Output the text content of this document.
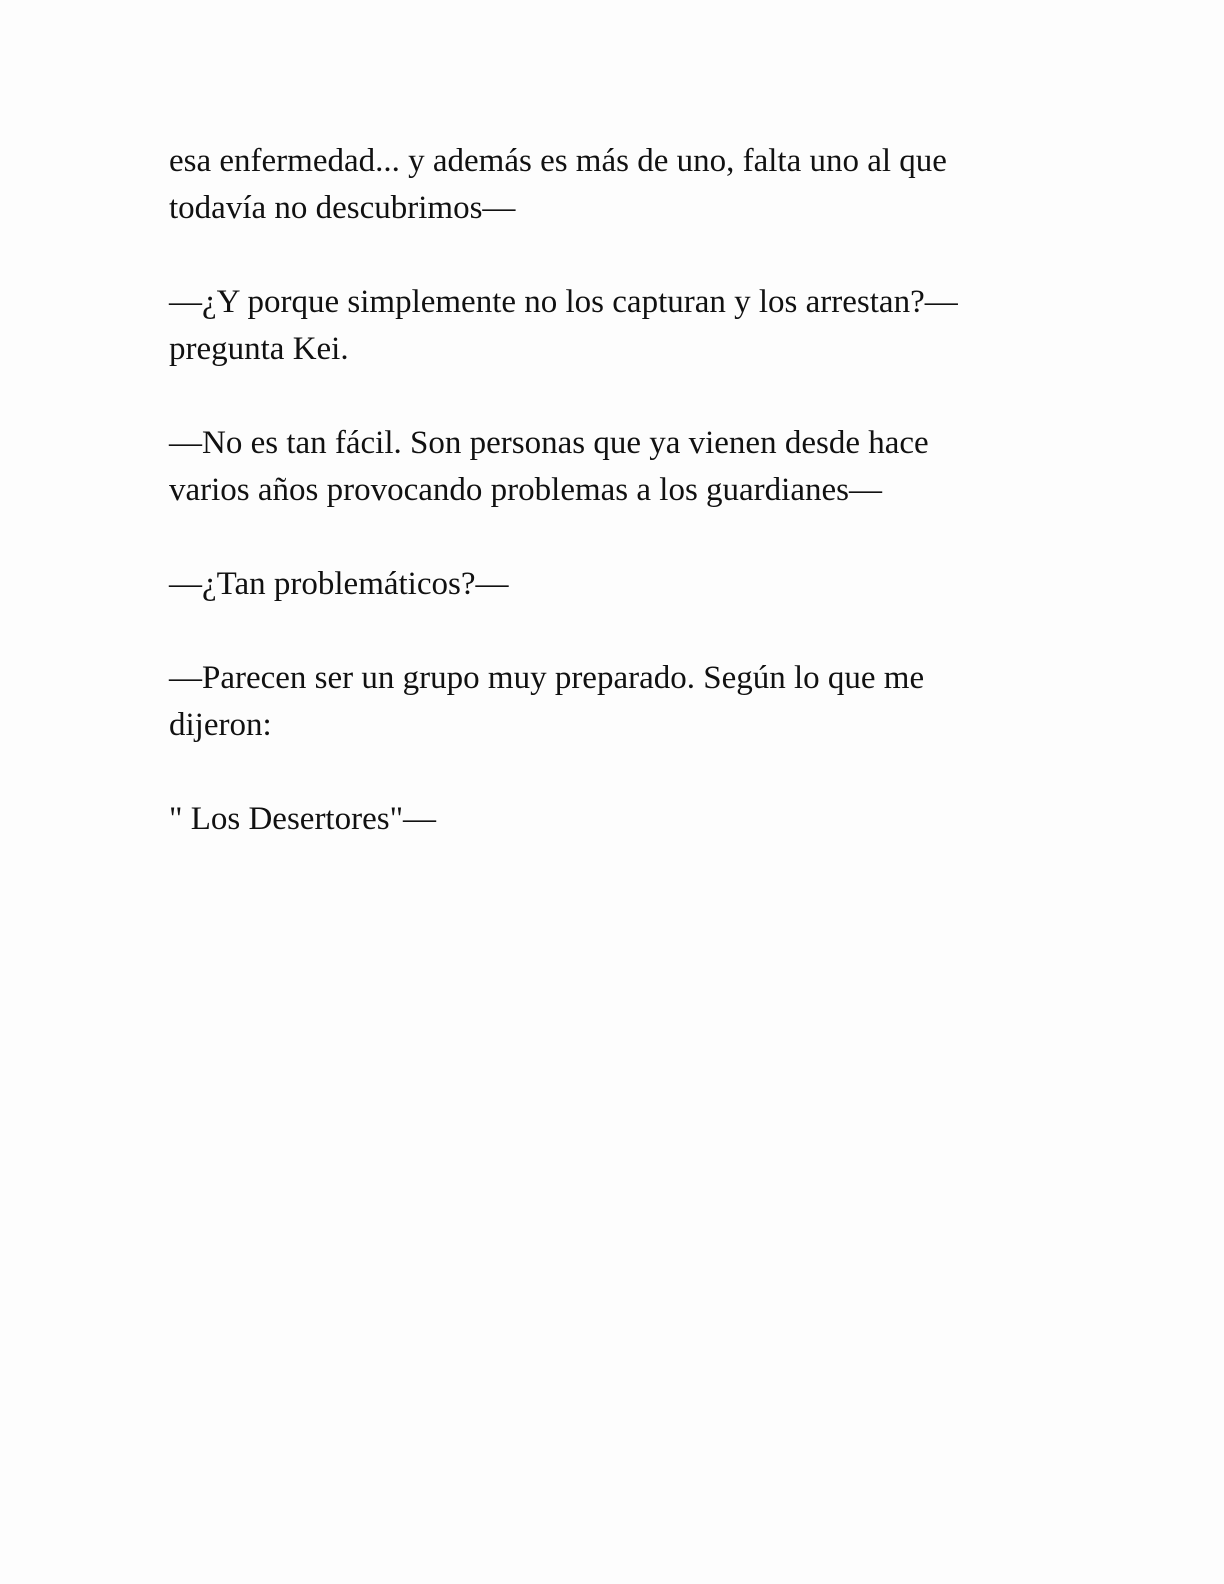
esa enfermedad... y además es más de uno, falta uno al que
todavía no descubrimos—

—¿Y porque simplemente no los capturan y los arrestan?—
pregunta Kei.

—No es tan fácil. Son personas que ya vienen desde hace
varios años provocando problemas a los guardianes—

—¿Tan problemáticos?—

—Parecen ser un grupo muy preparado. Según lo que me
dijeron:

" Los Desertores"—
